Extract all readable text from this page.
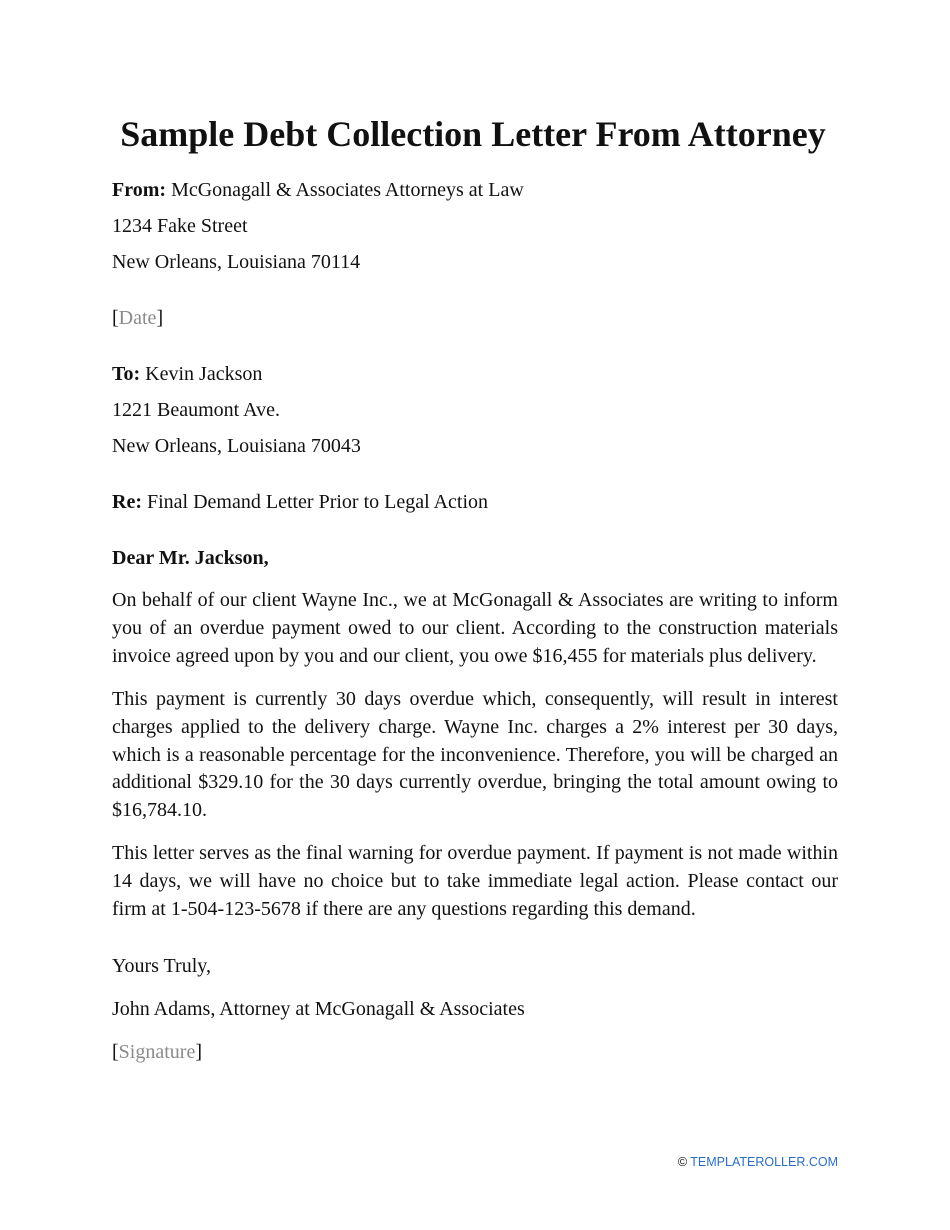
Sample Debt Collection Letter From Attorney
From: McGonagall & Associates Attorneys at Law
1234 Fake Street
New Orleans, Louisiana 70114
[Date]
To: Kevin Jackson
1221 Beaumont Ave.
New Orleans, Louisiana 70043
Re: Final Demand Letter Prior to Legal Action
Dear Mr. Jackson,

On behalf of our client Wayne Inc., we at McGonagall & Associates are writing to inform you of an overdue payment owed to our client. According to the construction materials invoice agreed upon by you and our client, you owe $16,455 for materials plus delivery.

This payment is currently 30 days overdue which, consequently, will result in interest charges applied to the delivery charge. Wayne Inc. charges a 2% interest per 30 days, which is a reasonable percentage for the inconvenience. Therefore, you will be charged an additional $329.10 for the 30 days currently overdue, bringing the total amount owing to $16,784.10.

This letter serves as the final warning for overdue payment. If payment is not made within 14 days, we will have no choice but to take immediate legal action. Please contact our firm at 1-504-123-5678 if there are any questions regarding this demand.

Yours Truly,
John Adams, Attorney at McGonagall & Associates
[Signature]
© TEMPLATEROLLER.COM
